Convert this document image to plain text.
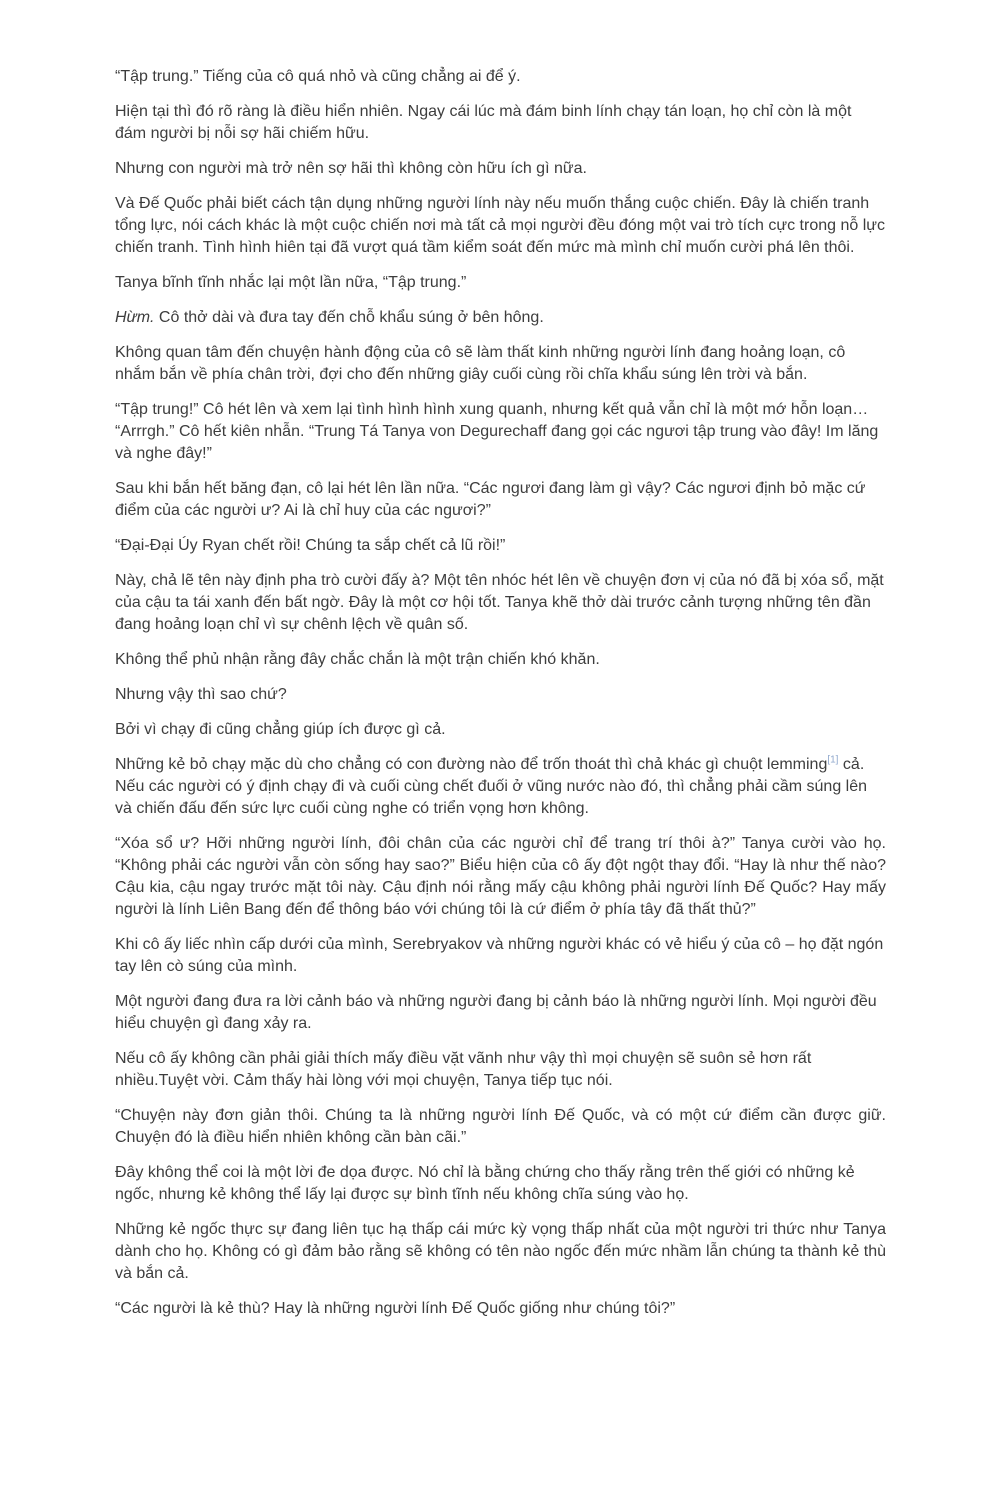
“Tập trung.” Tiếng của cô quá nhỏ và cũng chẳng ai để ý.

Hiện tại thì đó rõ ràng là điều hiển nhiên. Ngay cái lúc mà đám binh lính chạy tán loạn, họ chỉ còn là một đám người bị nỗi sợ hãi chiếm hữu.

Nhưng con người mà trở nên sợ hãi thì không còn hữu ích gì nữa.

Và Đế Quốc phải biết cách tận dụng những người lính này nếu muốn thắng cuộc chiến. Đây là chiến tranh tổng lực, nói cách khác là một cuộc chiến nơi mà tất cả mọi người đều đóng một vai trò tích cực trong nỗ lực chiến tranh. Tình hình hiên tại đã vượt quá tầm kiểm soát đến mức mà mình chỉ muốn cười phá lên thôi.

Tanya bĩnh tĩnh nhắc lại một lần nữa, “Tập trung.”

Hừm. Cô thở dài và đưa tay đến chỗ khẩu súng ở bên hông.

Không quan tâm đến chuyện hành động của cô sẽ làm thất kinh những người lính đang hoảng loạn, cô nhắm bắn về phía chân trời, đợi cho đến những giây cuối cùng rồi chĩa khẩu súng lên trời và bắn.

“Tập trung!” Cô hét lên và xem lại tình hình hình xung quanh, nhưng kết quả vẫn chỉ là một mớ hỗn loạn… “Arrrgh.” Cô hết kiên nhẫn. “Trung Tá Tanya von Degurechaff đang gọi các ngươi tập trung vào đây! Im lăng và nghe đây!”

Sau khi bắn hết băng đạn, cô lại hét lên lần nữa. “Các ngươi đang làm gì vậy? Các ngươi định bỏ mặc cứ điểm của các người ư? Ai là chỉ huy của các ngươi?”

“Đại-Đại Úy Ryan chết rồi! Chúng ta sắp chết cả lũ rồi!”

Này, chả lẽ tên này định pha trò cười đấy à? Một tên nhóc hét lên về chuyện đơn vị của nó đã bị xóa sổ, mặt của cậu ta tái xanh đến bất ngờ. Đây là một cơ hội tốt. Tanya khẽ thở dài trước cảnh tượng những tên đần đang hoảng loạn chỉ vì sự chênh lệch về quân số.

Không thể phủ nhận rằng đây chắc chắn là một trận chiến khó khăn.

Nhưng vậy thì sao chứ?

Bởi vì chạy đi cũng chẳng giúp ích được gì cả.

Những kẻ bỏ chạy mặc dù cho chẳng có con đường nào để trốn thoát thì chả khác gì chuột lemming[1] cả. Nếu các người có ý định chạy đi và cuối cùng chết đuối ở vũng nước nào đó, thì chẳng phải cầm súng lên và chiến đấu đến sức lực cuối cùng nghe có triển vọng hơn không.

“Xóa sổ ư? Hỡi những người lính, đôi chân của các người chỉ để trang trí thôi à?” Tanya cười vào họ. “Không phải các người vẫn còn sống hay sao?” Biểu hiện của cô ấy đột ngột thay đổi. “Hay là như thế nào? Cậu kia, cậu ngay trước mặt tôi này. Cậu định nói rằng mấy cậu không phải người lính Đế Quốc? Hay mấy người là lính Liên Bang đến để thông báo với chúng tôi là cứ điểm ở phía tây đã thất thủ?”

Khi cô ấy liếc nhìn cấp dưới của mình, Serebryakov và những người khác có vẻ hiểu ý của cô – họ đặt ngón tay lên cò súng của mình.

Một người đang đưa ra lời cảnh báo và những người đang bị cảnh báo là những người lính. Mọi người đều hiểu chuyện gì đang xảy ra.

Nếu cô ấy không cần phải giải thích mấy điều vặt vãnh như vậy thì mọi chuyện sẽ suôn sẻ hơn rất nhiều.Tuyệt vời. Cảm thấy hài lòng với mọi chuyện, Tanya tiếp tục nói.

“Chuyện này đơn giản thôi. Chúng ta là những người lính Đế Quốc, và có một cứ điểm cần được giữ. Chuyện đó là điều hiển nhiên không cần bàn cãi.”

Đây không thể coi là một lời đe dọa được. Nó chỉ là bằng chứng cho thấy rằng trên thế giới có những kẻ ngốc, nhưng kẻ không thể lấy lại được sự bình tĩnh nếu không chĩa súng vào họ.

Những kẻ ngốc thực sự đang liên tục hạ thấp cái mức kỳ vọng thấp nhất của một người tri thức như Tanya dành cho họ. Không có gì đảm bảo rằng sẽ không có tên nào ngốc đến mức nhầm lẫn chúng ta thành kẻ thù và bắn cả.

“Các người là kẻ thù? Hay là những người lính Đế Quốc giống như chúng tôi?”
